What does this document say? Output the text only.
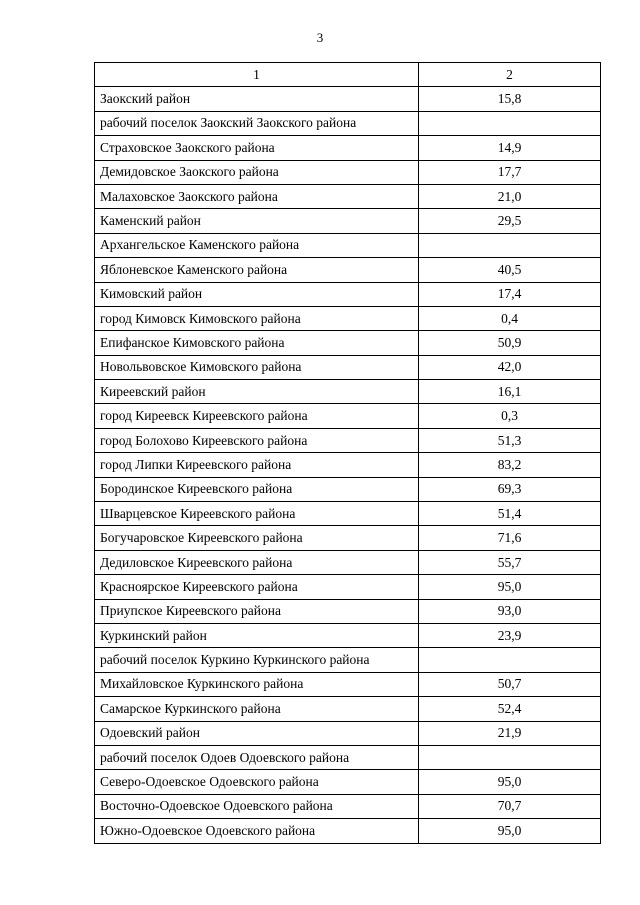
3
1	2
Заокский район	15,8
рабочий поселок Заокский Заокского района	
Страховское Заокского района	14,9
Демидовское Заокского района	17,7
Малаховское Заокского района	21,0
Каменский район	29,5
Архангельское Каменского района	
Яблоневское Каменского района	40,5
Кимовский район	17,4
город Кимовск Кимовского района	0,4
Епифанское Кимовского района	50,9
Новольвовское Кимовского района	42,0
Киреевский район	16,1
город Киреевск Киреевского района	0,3
город Болохово Киреевского района	51,3
город Липки Киреевского района	83,2
Бородинское Киреевского района	69,3
Шварцевское Киреевского района	51,4
Богучаровское Киреевского района	71,6
Дедиловское Киреевского района	55,7
Красноярское Киреевского района	95,0
Приупское Киреевского района	93,0
Куркинский район	23,9
рабочий поселок Куркино Куркинского района	
Михайловское Куркинского района	50,7
Самарское Куркинского района	52,4
Одоевский район	21,9
рабочий поселок Одоев Одоевского района	
Северо-Одоевское Одоевского района	95,0
Восточно-Одоевское Одоевского района	70,7
Южно-Одоевское Одоевского района	95,0
